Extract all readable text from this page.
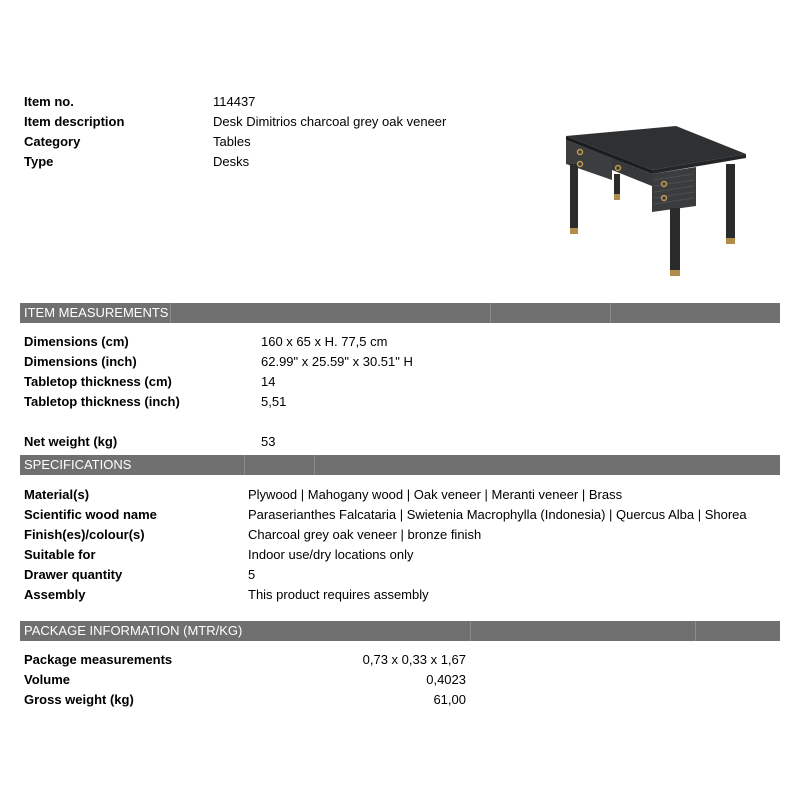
Item no.	114437
Item description	Desk Dimitrios charcoal grey oak veneer
Category	Tables
Type	Desks
ITEM MEASUREMENTS
Dimensions (cm)	160 x 65 x H. 77,5 cm
Dimensions (inch)	62.99" x 25.59" x 30.51" H
Tabletop thickness (cm)	14
Tabletop thickness (inch)	5,51
Net weight (kg)	53
SPECIFICATIONS
Material(s)	Plywood | Mahogany wood | Oak veneer | Meranti veneer | Brass
Scientific wood name	Paraserianthes Falcataria | Swietenia Macrophylla (Indonesia) | Quercus Alba | Shorea
Finish(es)/colour(s)	Charcoal grey oak veneer | bronze finish
Suitable for	Indoor use/dry locations only
Drawer quantity	5
Assembly	This product requires assembly
PACKAGE INFORMATION (MTR/KG)
Package measurements	0,73 x 0,33 x 1,67
Volume	0,4023
Gross weight (kg)	61,00
